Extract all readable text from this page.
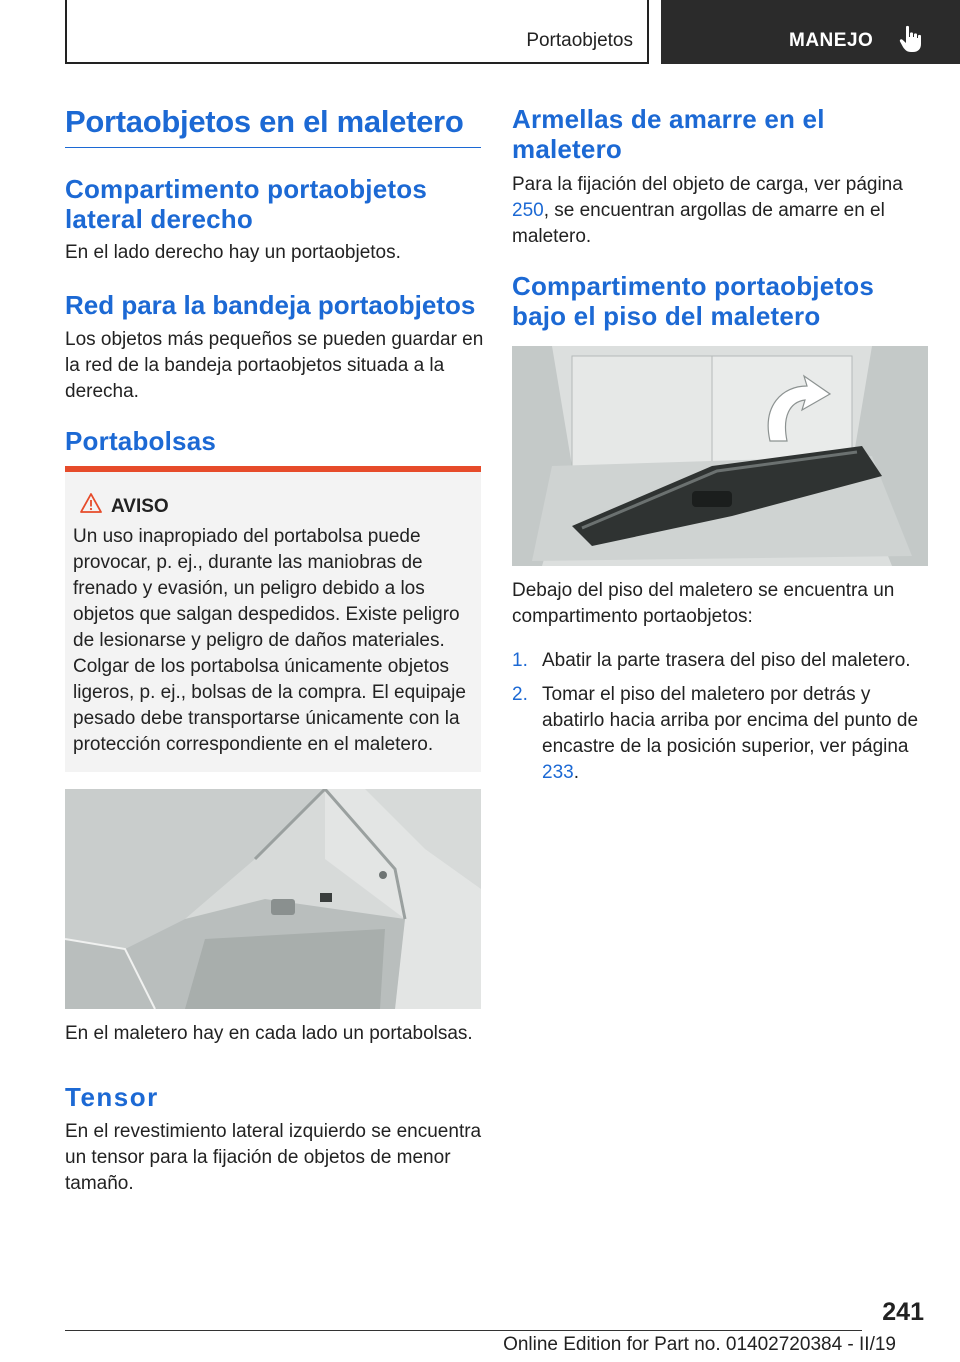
Portaobjetos	MANEJO
Portaobjetos en el maletero
Compartimento portaobjetos lateral derecho

En el lado derecho hay un portaobjetos.

Red para la bandeja portaobjetos

Los objetos más pequeños se pueden guardar en la red de la bandeja portaobjetos situada a la derecha.

Portabolsas
AVISO

Un uso inapropiado del portabolsa puede provocar, p. ej., durante las maniobras de frenado y evasión, un peligro debido a los objetos que salgan despedidos. Existe peligro de lesionarse y peligro de daños materiales. Colgar de los portabolsa únicamente objetos ligeros, p. ej., bolsas de la compra. El equipaje pesado debe transportarse únicamente con la protección correspondiente en el maletero.

En el maletero hay en cada lado un portabolsas.

Tensor

En el revestimiento lateral izquierdo se encuentra un tensor para la fijación de objetos de menor tamaño.

Armellas de amarre en el maletero

Para la fijación del objeto de carga, ver página 250, se encuentran argollas de amarre en el maletero.

Compartimento portaobjetos bajo el piso del maletero

Debajo del piso del maletero se encuentra un compartimento portaobjetos:

1. Abatir la parte trasera del piso del maletero.
2. Tomar el piso del maletero por detrás y abatirlo hacia arriba por encima del punto de encastre de la posición superior, ver página 233.
241
Online Edition for Part no. 01402720384 - II/19
